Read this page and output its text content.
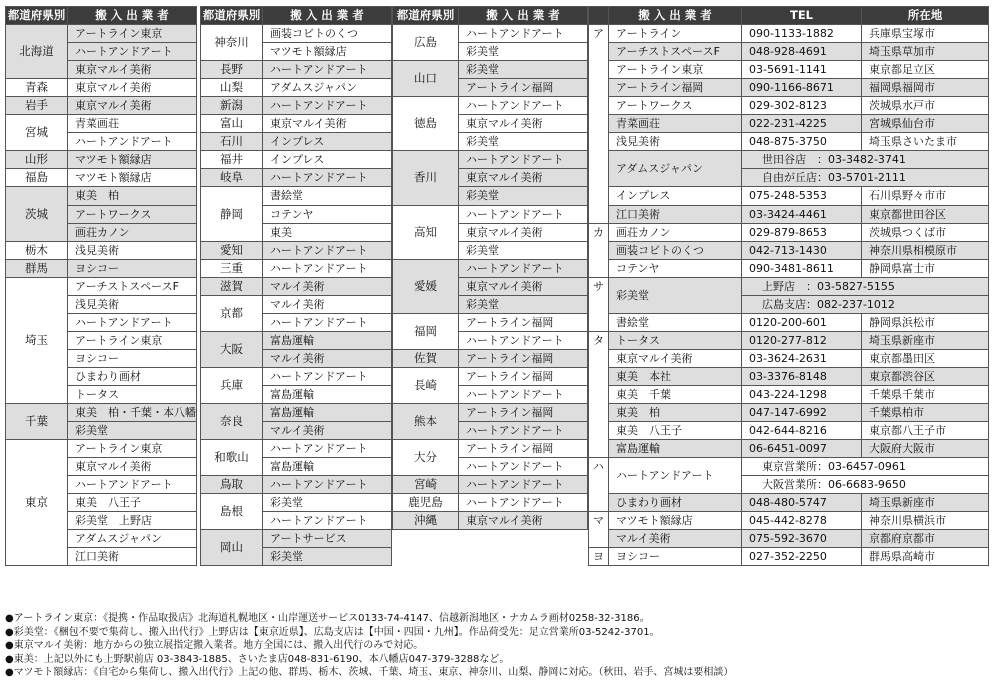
都道府県別	搬 入 出 業 者
北海道	アートライン東京
	ハートアンドアート
	東京マルイ美術
青森	東京マルイ美術
岩手	東京マルイ美術
宮城	青菜画荘
	ハートアンドアート
山形	マツモト額縁店
福島	マツモト額縁店
茨城	東美　柏
	アートワークス
	画荘カノン
栃木	浅見美術
群馬	ヨシコー
埼玉	アーチストスペースF
	浅見美術
	ハートアンドアート
	アートライン東京
	ヨシコー
	ひまわり画材
	トータス
千葉	東美　柏・千葉・本八幡
	彩美堂
東京	アートライン東京
	東京マルイ美術
	ハートアンドアート
	東美　八王子
	彩美堂　上野店
	アダムスジャパン
	江口美術
都道府県別	搬 入 出 業 者
神奈川	画装コビトのくつ
	マツモト額縁店
長野	ハートアンドアート
山梨	アダムスジャパン
新潟	ハートアンドアート
富山	東京マルイ美術
石川	インプレス
福井	インプレス
岐阜	ハートアンドアート
静岡	書絵堂
	コテンヤ
	東美
愛知	ハートアンドアート
三重	ハートアンドアート
滋賀	マルイ美術
京都	マルイ美術
	ハートアンドアート
大阪	富島運輸
	マルイ美術
兵庫	ハートアンドアート
	富島運輸
奈良	富島運輸
	マルイ美術
和歌山	ハートアンドアート
	富島運輸
鳥取	ハートアンドアート
島根	彩美堂
	ハートアンドアート
岡山	アートサービス
	彩美堂
都道府県別	搬 入 出 業 者
広島	ハートアンドアート
	彩美堂
山口	彩美堂
	アートライン福岡
徳島	ハートアンドアート
	東京マルイ美術
	彩美堂
香川	ハートアンドアート
	東京マルイ美術
	彩美堂
高知	ハートアンドアート
	東京マルイ美術
	彩美堂
愛媛	ハートアンドアート
	東京マルイ美術
	彩美堂
福岡	アートライン福岡
	ハートアンドアート
佐賀	アートライン福岡
長崎	アートライン福岡
	ハートアンドアート
熊本	アートライン福岡
	ハートアンドアート
大分	アートライン福岡
	ハートアンドアート
宮崎	ハートアンドアート
鹿児島	ハートアンドアート
沖縄	東京マルイ美術
	搬 入 出 業 者	TEL	所在地
ア	アートライン	090-1133-1882	兵庫県宝塚市
	アーチストスペースF	048-928-4691	埼玉県草加市
	アートライン東京	03-5691-1141	東京都足立区
	アートライン福岡	090-1166-8671	福岡県福岡市
	アートワークス	029-302-8123	茨城県水戸市
	青菜画荘	022-231-4225	宮城県仙台市
	浅見美術	048-875-3750	埼玉県さいたま市
	アダムスジャパン	世田谷店　：03-3482-3741	
		自由が丘店：03-5701-2111	
	インプレス	075-248-5353	石川県野々市市
	江口美術	03-3424-4461	東京都世田谷区
カ	画荘カノン	029-879-8653	茨城県つくば市
	画装コビトのくつ	042-713-1430	神奈川県相模原市
	コテンヤ	090-3481-8611	静岡県富士市
サ	彩美堂	上野店　：03-5827-5155	
		広島支店：082-237-1012	
	書絵堂	0120-200-601	静岡県浜松市
タ	トータス	0120-277-812	埼玉県新座市
	東京マルイ美術	03-3624-2631	東京都墨田区
	東美　本社	03-3376-8148	東京都渋谷区
	東美　千葉	043-224-1298	千葉県千葉市
	東美　柏	047-147-6992	千葉県柏市
	東美　八王子	042-644-8216	東京都八王子市
	富島運輸	06-6451-0097	大阪府大阪市
ハ	ハートアンドアート	東京営業所：03-6457-0961	
		大阪営業所：06-6683-9650	
	ひまわり画材	048-480-5747	埼玉県新座市
マ	マツモト額縁店	045-442-8278	神奈川県横浜市
	マルイ美術	075-592-3670	京都府京都市
ヨ	ヨシコー	027-352-2250	群馬県高崎市
●アートライン東京：《提携・作品取扱店》北海道札幌地区・山岸運送サービス0133-74-4147、信越新潟地区・ナカムラ画材0258-32-3186。
●彩美堂：《梱包不要で集荷し、搬入出代行》上野店は【東京近県】、広島支店は【中国・四国・九州】。作品荷受先：足立営業所03-5242-3701。
●東京マルイ美術：地方からの独立展指定搬入業者。地方全国には、搬入出代行のみで対応。
●東美：上記以外にも上野駅前店 03-3843-1885、さいたま店048-831-6190、本八幡店047-379-3288など。
●マツモト額縁店：《自宅から集荷し、搬入出代行》上記の他、群馬、栃木、茨城、千葉、埼玉、東京、神奈川、山梨、静岡に対応。（秋田、岩手、宮城は要相談）
